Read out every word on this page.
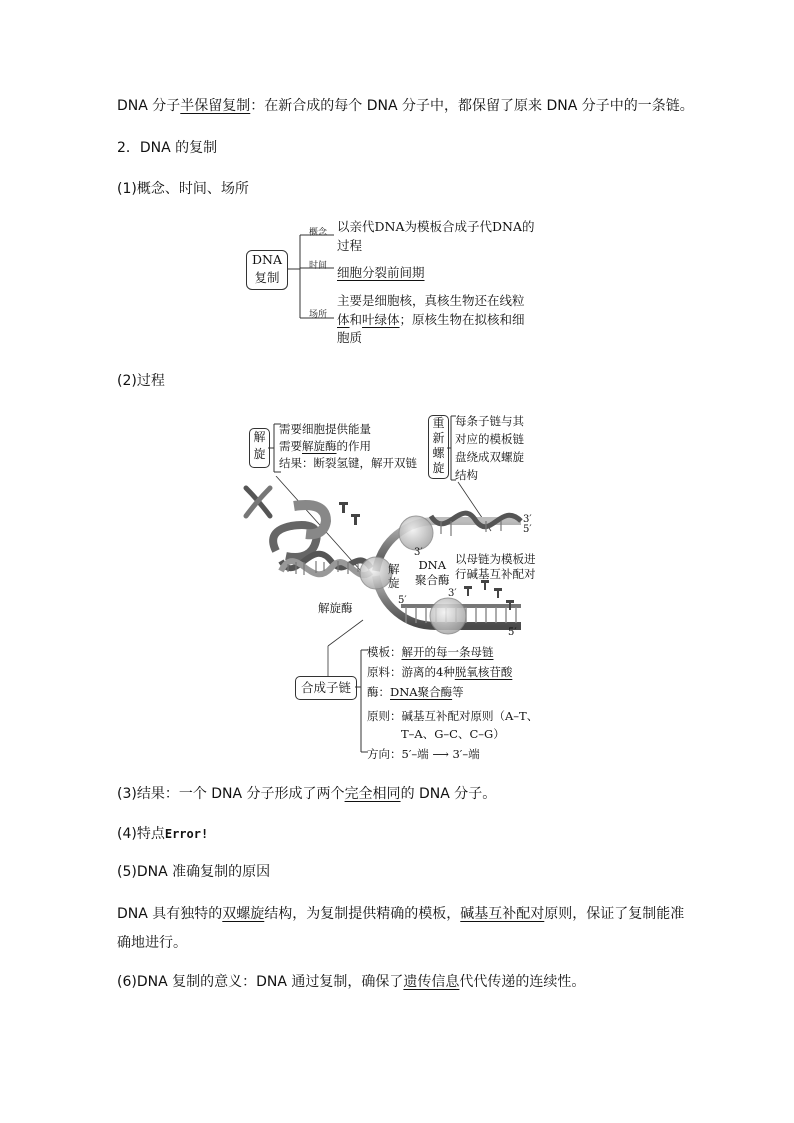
DNA 分子半保留复制：在新合成的每个 DNA 分子中，都保留了原来 DNA 分子中的一条链。
2．DNA 的复制
(1)概念、时间、场所
DNA
复制
概念
时间
场所
以亲代DNA为模板合成子代DNA的
过程
细胞分裂前间期
主要是细胞核，真核生物还在线粒
体和叶绿体；原核生物在拟核和细
胞质
(2)过程
解
旋
需要细胞提供能量
需要解旋酶的作用
结果：断裂氢键，解开双链
重
新
螺
旋
每条子链与其
对应的模板链
盘绕成双螺旋
结构
3′
5′
3′
5′
3′
5′
解
旋
DNA
聚合酶
以母链为模板进
行碱基互补配对
解旋酶
合成子链
模板：解开的每一条母链
原料：游离的4种脱氧核苷酸
酶：DNA聚合酶等
原则：碱基互补配对原则（A–T、
T–A、G–C、C–G）
方向：5′–端 ⟶ 3′–端
(3)结果：一个 DNA 分子形成了两个完全相同的 DNA 分子。
(4)特点Error!
(5)DNA 准确复制的原因
DNA 具有独特的双螺旋结构，为复制提供精确的模板，碱基互补配对原则，保证了复制能准
确地进行。
(6)DNA 复制的意义：DNA 通过复制，确保了遗传信息代代传递的连续性。
